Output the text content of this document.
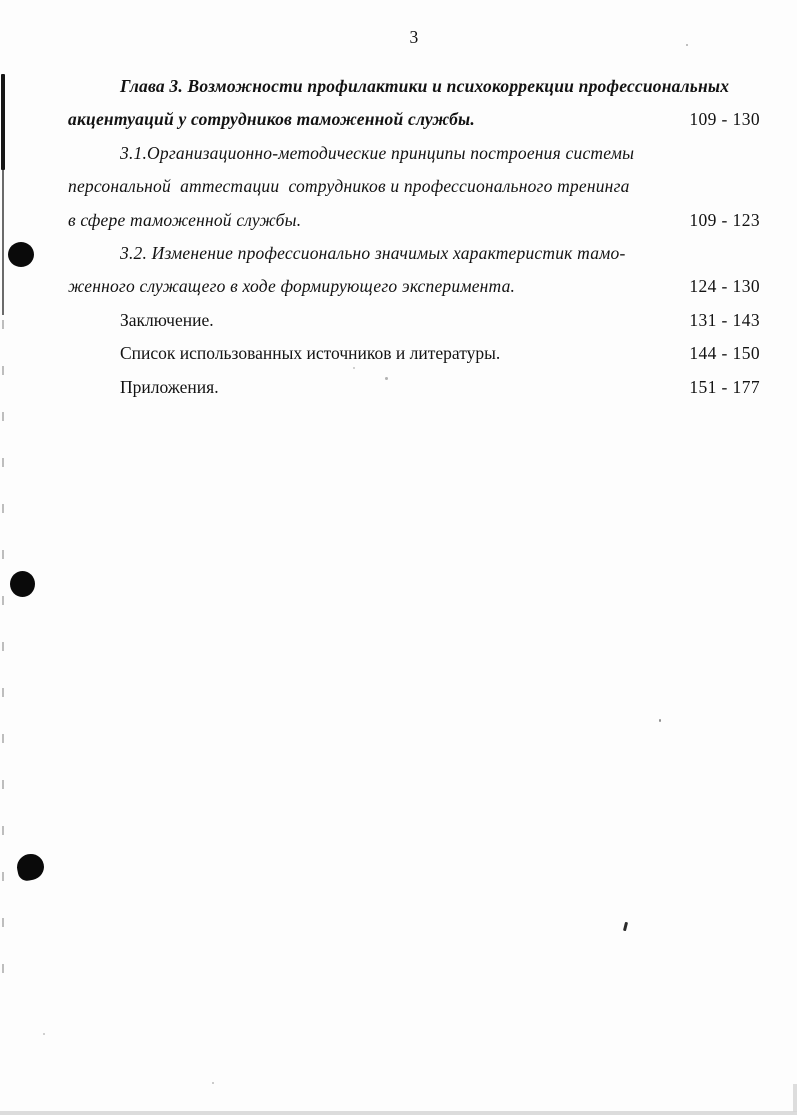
3
Глава 3. Возможности профилактики и психокоррекции профессиональных
акцентуаций у сотрудников таможенной службы.	109 - 130
3.1.Организационно-методические принципы построения системы
персональной  аттестации  сотрудников и профессионального тренинга
в сфере таможенной службы.	109 - 123
3.2. Изменение профессионально значимых характеристик тамо-
женного служащего в ходе формирующего эксперимента.	124 - 130
Заключение.	131 - 143
Список использованных источников и литературы.	144 - 150
Приложения.	151 - 177
